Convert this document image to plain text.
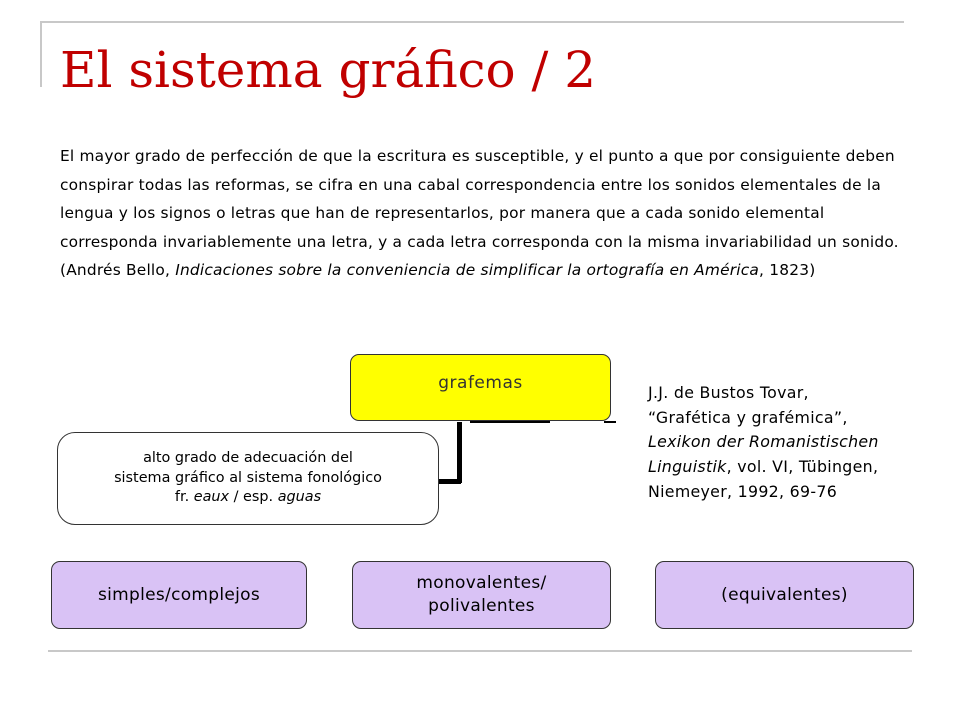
El sistema gráfico / 2

El mayor grado de perfección de que la escritura es susceptible, y el punto a que por consiguiente deben conspirar todas las reformas, se cifra en una cabal correspondencia entre los sonidos elementales de la lengua y los signos o letras que han de representarlos, por manera que a cada sonido elemental corresponda invariablemente una letra, y a cada letra corresponda con la misma invariabilidad un sonido. (Andrés Bello, Indicaciones sobre la conveniencia de simplificar la ortografía en América, 1823)

grafemas
alto grado de adecuación del
sistema gráfico al sistema fonológico
fr. eaux / esp. aguas
simples/complejos
monovalentes/
polivalentes
(equivalentes)

J.J. de Bustos Tovar,
“Grafética y grafémica”,
Lexikon der Romanistischen
Linguistik, vol. VI, Tübingen,
Niemeyer, 1992, 69-76
